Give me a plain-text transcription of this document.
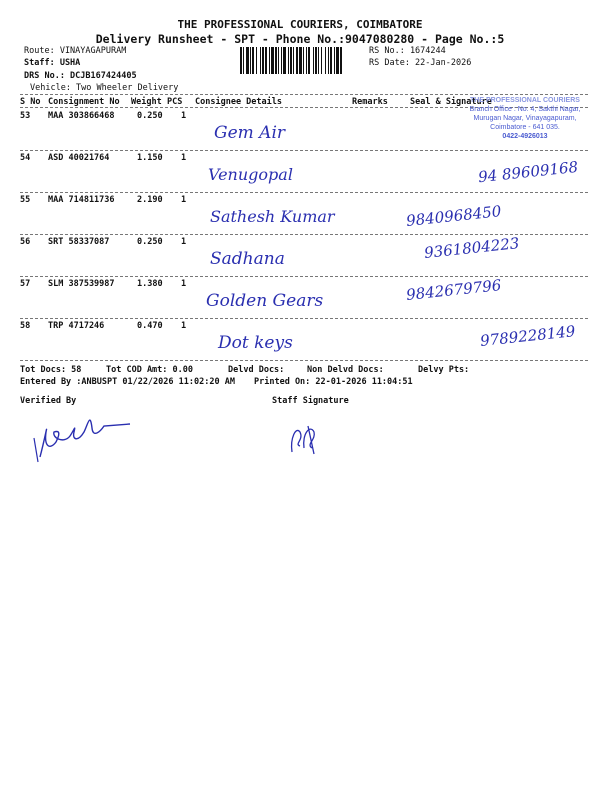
THE PROFESSIONAL COURIERS, COIMBATORE
Delivery Runsheet - SPT - Phone No.:9047080280 - Page No.:5
Route: VINAYAGAPURAM
Staff: USHA
DRS No.: DCJB167424405
Vehicle: Two Wheeler Delivery
RS No.: 1674244
RS Date: 22-Jan-2026
S No Consignment No Weight PCS Consignee Details	Remarks	Seal & Signature
THE PROFESSIONAL COURIERS
Branch Office : No. 4, Sakthi Nagar,
Murugan Nagar, Vinayagapuram,
Coimbatore - 641 035.
0422-4926013
53 MAA 303866468	0.250 1
Gem Air
54 ASD 40021764	1.150 1
Venugopal	94 89609168
55 MAA 714811736	2.190 1
Sathesh Kumar	9840968450
56 SRT 58337087	0.250 1
Sadhana	9361804223
57 SLM 387539987	1.380 1
Golden Gears	9842679796
58 TRP 4717246	0.470 1
Dot keys	9789228149
Tot Docs: 58	Tot COD Amt: 0.00	Delvd Docs:	Non Delvd Docs:	Delvy Pts:
Entered By :ANBUSPT 01/22/2026 11:02:20 AM Printed On: 22-01-2026 11:04:51
Verified By	Staff Signature
